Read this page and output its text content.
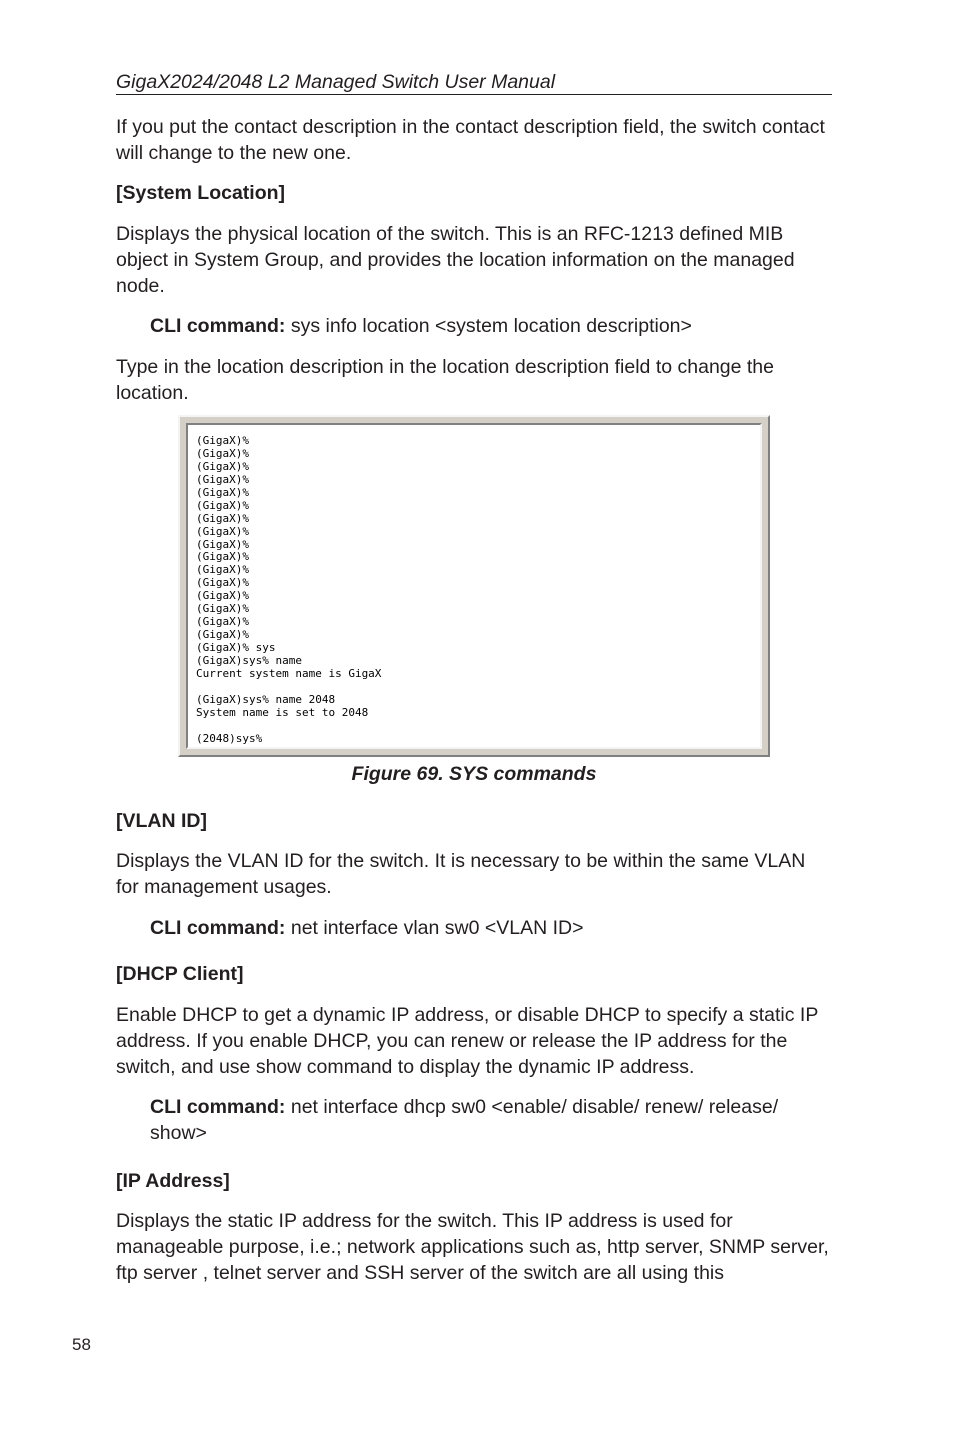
GigaX2024/2048 L2 Managed Switch User Manual
If you put the contact description in the contact description field, the switch contact will change to the new one.
[System Location]
Displays the physical location of the switch. This is an RFC-1213 defined MIB object in System Group, and provides the location information on the managed node.
CLI command: sys info location <system location description>
Type in the location description in the location description field to change the location.
(GigaX)%
(GigaX)%
(GigaX)%
(GigaX)%
(GigaX)%
(GigaX)%
(GigaX)%
(GigaX)%
(GigaX)%
(GigaX)%
(GigaX)%
(GigaX)%
(GigaX)%
(GigaX)%
(GigaX)%
(GigaX)%
(GigaX)% sys
(GigaX)sys% name
Current system name is GigaX
(GigaX)sys% name 2048
System name is set to 2048
(2048)sys%
Figure 69. SYS commands
[VLAN ID]
Displays the VLAN ID for the switch. It is necessary to be within the same VLAN for management usages.
CLI command: net interface vlan sw0 <VLAN ID>
[DHCP Client]
Enable DHCP to get a dynamic IP address, or disable DHCP to specify a static IP address. If you enable DHCP, you can renew or release the IP address for the switch, and use show command to display the dynamic IP address.
CLI command: net interface dhcp sw0 <enable/ disable/ renew/ release/ show>
[IP Address]
Displays the static IP address for the switch. This IP address is used for manageable purpose, i.e.; network applications such as, http server, SNMP server, ftp server , telnet server and SSH server of the switch are all using this
58
